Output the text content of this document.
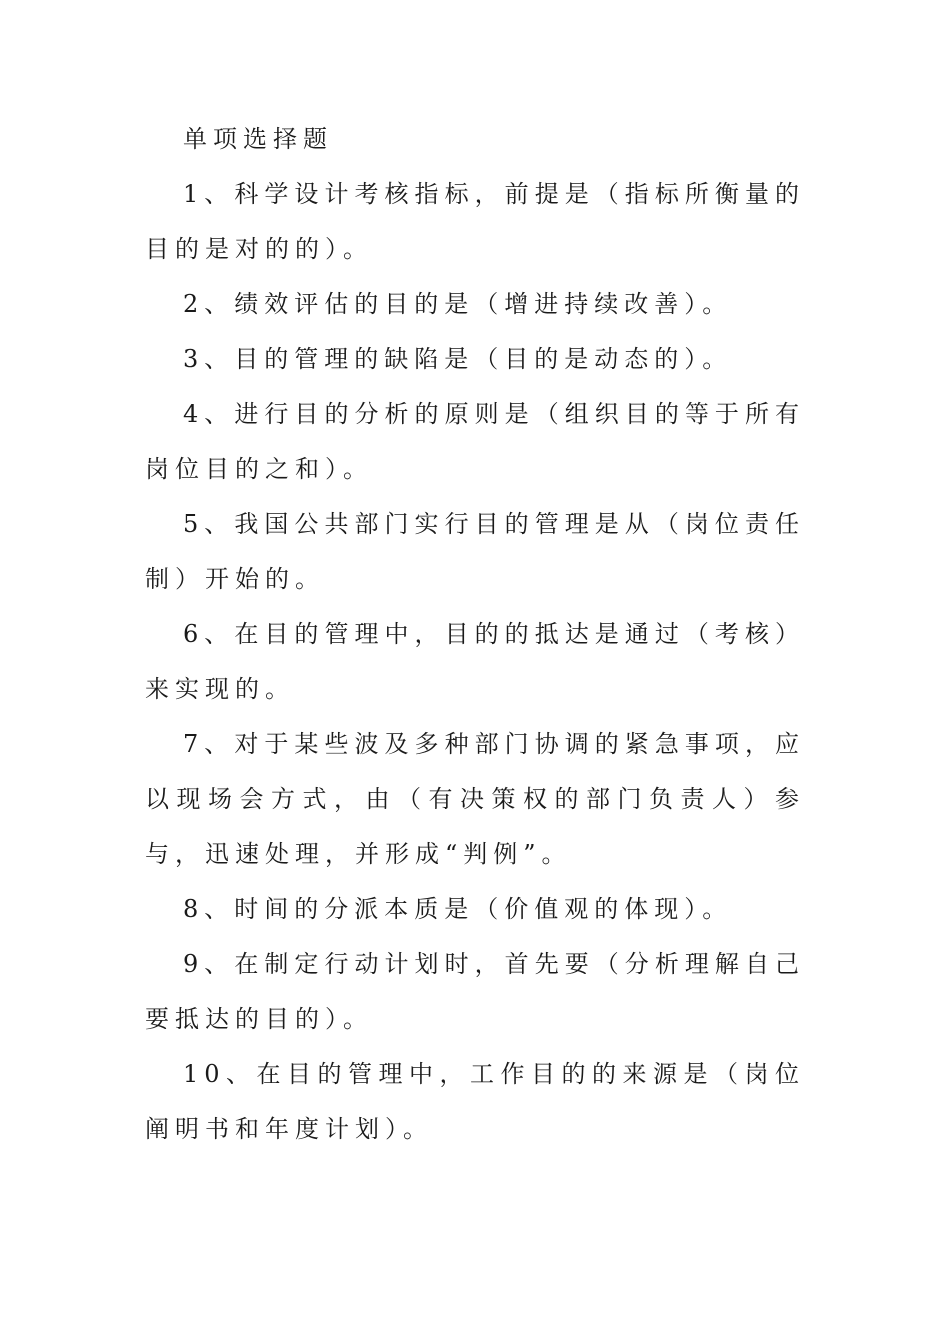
单项选择题

1、科学设计考核指标，前提是（指标所衡量的目的是对的的）。

2、绩效评估的目的是（增进持续改善）。

3、目的管理的缺陷是（目的是动态的）。

4、进行目的分析的原则是（组织目的等于所有岗位目的之和）。

5、我国公共部门实行目的管理是从（岗位责任制）开始的。

6、在目的管理中，目的的抵达是通过（考核）来实现的。

7、对于某些波及多种部门协调的紧急事项，应以现场会方式，由（有决策权的部门负责人）参与，迅速处理，并形成“判例”。

8、时间的分派本质是（价值观的体现）。

9、在制定行动计划时，首先要（分析理解自己要抵达的目的）。

10、在目的管理中，工作目的的来源是（岗位阐明书和年度计划）。
